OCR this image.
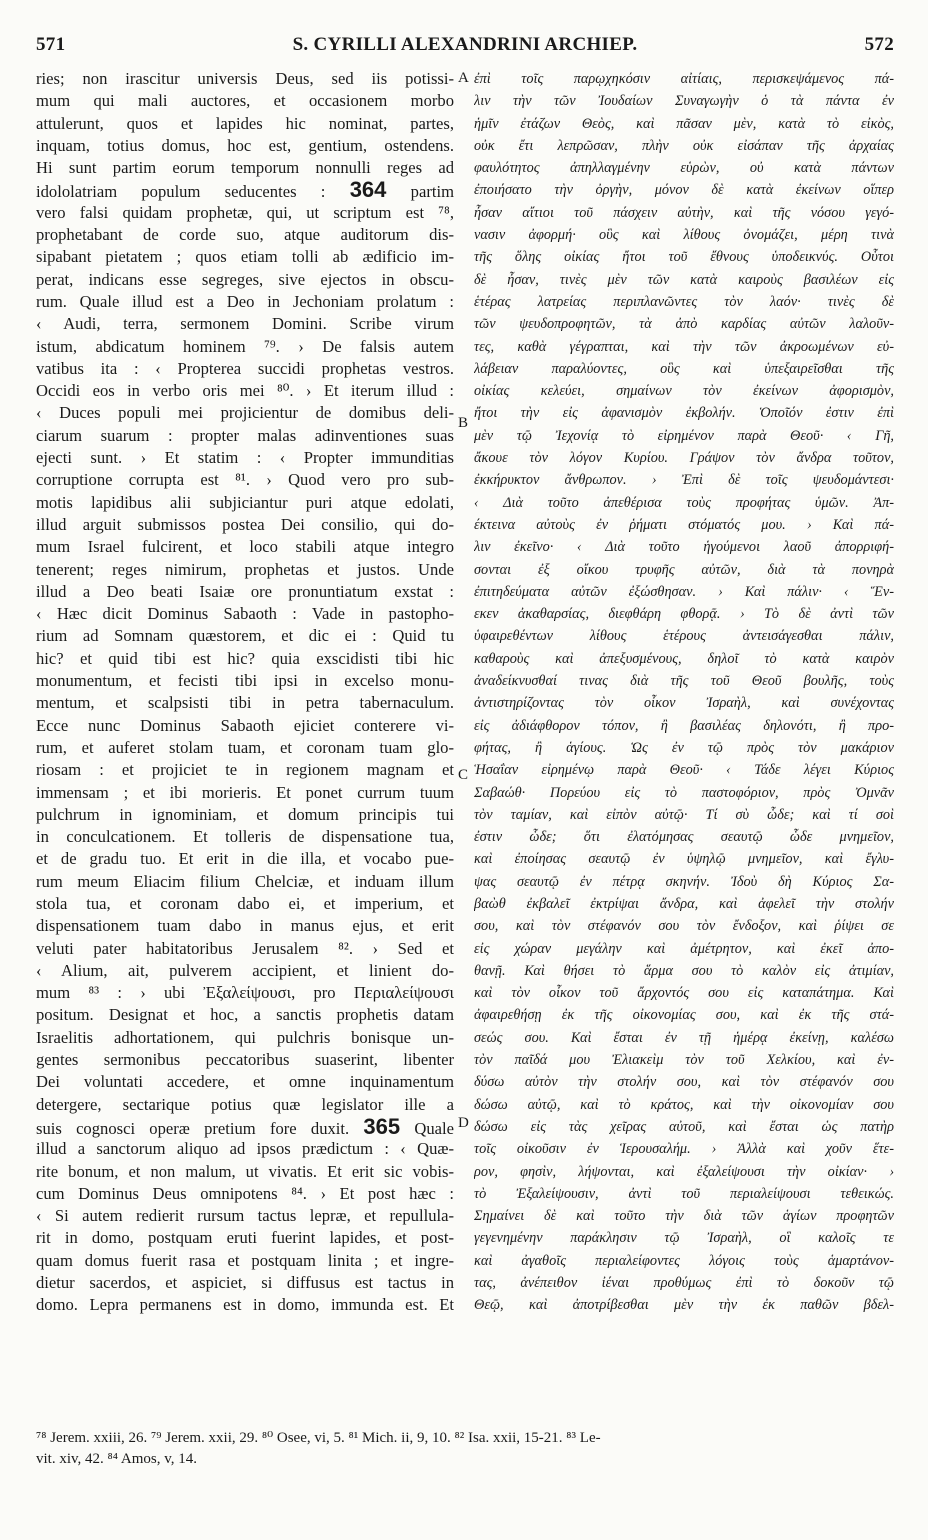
571	S. CYRILLI ALEXANDRINI ARCHIEP.	572
ries; non irascitur universis Deus, sed iis potissi-
mum qui mali auctores, et occasionem morbo
attulerunt, quos et lapides hic nominat, partes,
inquam, totius domus, hoc est, gentium, ostendens.
Hi sunt partim eorum temporum nonnulli reges ad
idololatriam populum seducentes : 364 partim
vero falsi quidam prophetæ, qui, ut scriptum est ⁷⁸,
prophetabant de corde suo, atque auditorum dis-
sipabant pietatem ; quos etiam tolli ab ædificio im-
perat, indicans esse segreges, sive ejectos in obscu-
rum. Quale illud est a Deo in Jechoniam prolatum :
‹ Audi, terra, sermonem Domini. Scribe virum
istum, abdicatum hominem ⁷⁹. › De falsis autem
vatibus ita : ‹ Propterea succidi prophetas vestros.
Occidi eos in verbo oris mei ⁸⁰. › Et iterum illud :
‹ Duces populi mei projicientur de domibus deli-
ciarum suarum : propter malas adinventiones suas
ejecti sunt. › Et statim : ‹ Propter immunditias
corruptione corrupta est ⁸¹. › Quod vero pro sub-
motis lapidibus alii subjiciantur puri atque edolati,
illud arguit submissos postea Dei consilio, qui do-
mum Israel fulcirent, et loco stabili atque integro
tenerent; reges nimirum, prophetas et justos. Unde
illud a Deo beati Isaiæ ore pronuntiatum exstat :
‹ Hæc dicit Dominus Sabaoth : Vade in pastopho-
rium ad Somnam quæstorem, et dic ei : Quid tu
hic? et quid tibi est hic? quia exscidisti tibi hic
monumentum, et fecisti tibi ipsi in excelso monu-
mentum, et scalpsisti tibi in petra tabernaculum.
Ecce nunc Dominus Sabaoth ejiciet conterere vi-
rum, et auferet stolam tuam, et coronam tuam glo-
riosam : et projiciet te in regionem magnam et
immensam ; et ibi morieris. Et ponet currum tuum
pulchrum in ignominiam, et domum principis tui
in conculcationem. Et tolleris de dispensatione tua,
et de gradu tuo. Et erit in die illa, et vocabo pue-
rum meum Eliacim filium Chelciæ, et induam illum
stola tua, et coronam dabo ei, et imperium, et
dispensationem tuam dabo in manus ejus, et erit
veluti pater habitatoribus Jerusalem ⁸². › Sed et
‹ Alium, ait, pulverem accipient, et linient do-
mum ⁸³ : › ubi Ἐξαλείψουσι, pro Περιαλείψουσι
positum. Designat et hoc, a sanctis prophetis datam
Israelitis adhortationem, qui pulchris bonisque un-
gentes sermonibus peccatoribus suaserint, libenter
Dei voluntati accedere, et omne inquinamentum
detergere, sectarique potius quæ legislator ille a
suis cognosci operæ pretium fore duxit. 365 Quale
illud a sanctorum aliquo ad ipsos prædictum : ‹ Quæ-
rite bonum, et non malum, ut vivatis. Et erit sic vobis-
cum Dominus Deus omnipotens ⁸⁴. › Et post hæc :
‹ Si autem redierit rursum tactus lepræ, et repullula-
rit in domo, postquam eruti fuerint lapides, et post-
quam domus fuerit rasa et postquam linita ; et ingre-
dietur sacerdos, et aspiciet, si diffusus est tactus in
domo. Lepra permanens est in domo, immunda est. Et
ἐπὶ τοῖς παρῳχηκόσιν αἰτίαις, περισκεψάμενος πά-
λιν τὴν τῶν Ἰουδαίων Συναγωγὴν ὁ τὰ πάντα ἐν
ἡμῖν ἐτάζων Θεὸς, καὶ πᾶσαν μὲν, κατὰ τὸ εἰκὸς,
οὐκ ἔτι λεπρῶσαν, πλὴν οὐκ εἰσάπαν τῆς ἀρχαίας
φαυλότητος ἀπηλλαγμένην εὑρὼν, οὐ κατὰ πάντων
ἐποιήσατο τὴν ὀργὴν, μόνον δὲ κατὰ ἐκείνων οἵπερ
ἦσαν αἴτιοι τοῦ πάσχειν αὐτὴν, καὶ τῆς νόσου γεγό-
νασιν ἀφορμή· οὓς καὶ λίθους ὀνομάζει, μέρη τινὰ
τῆς ὅλης οἰκίας ἤτοι τοῦ ἔθνους ὑποδεικνύς. Οὗτοι
δὲ ἦσαν, τινὲς μὲν τῶν κατὰ καιροὺς βασιλέων εἰς
ἑτέρας λατρείας περιπλανῶντες τὸν λαόν· τινὲς δὲ
τῶν ψευδοπροφητῶν, τὰ ἀπὸ καρδίας αὐτῶν λαλοῦν-
τες, καθὰ γέγραπται, καὶ τὴν τῶν ἀκροωμένων εὐ-
λάβειαν παραλύοντες, οὓς καὶ ὑπεξαιρεῖσθαι τῆς
οἰκίας κελεύει, σημαίνων τὸν ἐκείνων ἀφορισμὸν,
ἤτοι τὴν εἰς ἀφανισμὸν ἐκβολήν. Ὁποῖόν ἐστιν ἐπὶ
μὲν τῷ Ἰεχονίᾳ τὸ εἰρημένον παρὰ Θεοῦ· ‹ Γῆ,
ἄκουε τὸν λόγον Κυρίου. Γράψον τὸν ἄνδρα τοῦτον,
ἐκκήρυκτον ἄνθρωπον. › Ἐπὶ δὲ τοῖς ψευδομάντεσι·
‹ Διὰ τοῦτο ἀπεθέρισα τοὺς προφήτας ὑμῶν. Ἀπ-
έκτεινα αὐτοὺς ἐν ῥήματι στόματός μου. › Καὶ πά-
λιν ἐκεῖνο· ‹ Διὰ τοῦτο ἡγούμενοι λαοῦ ἀπορριφή-
σονται ἐξ οἴκου τρυφῆς αὐτῶν, διὰ τὰ πονηρὰ
ἐπιτηδεύματα αὐτῶν ἐξώσθησαν. › Καὶ πάλιν· ‹ Ἕν-
εκεν ἀκαθαρσίας, διεφθάρη φθορᾷ. › Τὸ δὲ ἀντὶ τῶν
ὑφαιρεθέντων λίθους ἑτέρους ἀντεισάγεσθαι πάλιν,
καθαροὺς καὶ ἀπεξυσμένους, δηλοῖ τὸ κατὰ καιρὸν
ἀναδείκνυσθαί τινας διὰ τῆς τοῦ Θεοῦ βουλῆς, τοὺς
ἀντιστηρίζοντας τὸν οἶκον Ἰσραὴλ, καὶ συνέχοντας
εἰς ἀδιάφθορον τόπον, ἢ βασιλέας δηλονότι, ἢ προ-
φήτας, ἢ ἁγίους. Ὡς ἐν τῷ πρὸς τὸν μακάριον
Ἡσαΐαν εἰρημένῳ παρὰ Θεοῦ· ‹ Τάδε λέγει Κύριος
Σαβαώθ· Πορεύου εἰς τὸ παστοφόριον, πρὸς Ὀμνᾶν
τὸν ταμίαν, καὶ εἰπὸν αὐτῷ· Τί σὺ ὧδε; καὶ τί σοὶ
ἐστιν ὧδε; ὅτι ἐλατόμησας σεαυτῷ ὧδε μνημεῖον,
καὶ ἐποίησας σεαυτῷ ἐν ὑψηλῷ μνημεῖον, καὶ ἔγλυ-
ψας σεαυτῷ ἐν πέτρᾳ σκηνήν. Ἰδοὺ δὴ Κύριος Σα-
βαὼθ ἐκβαλεῖ ἐκτρίψαι ἄνδρα, καὶ ἀφελεῖ τὴν στολήν
σου, καὶ τὸν στέφανόν σου τὸν ἔνδοξον, καὶ ῥίψει σε
εἰς χώραν μεγάλην καὶ ἀμέτρητον, καὶ ἐκεῖ ἀπο-
θανῇ. Καὶ θήσει τὸ ἅρμα σου τὸ καλὸν εἰς ἀτιμίαν,
καὶ τὸν οἶκον τοῦ ἄρχοντός σου εἰς καταπάτημα. Καὶ
ἀφαιρεθήσῃ ἐκ τῆς οἰκονομίας σου, καὶ ἐκ τῆς στά-
σεώς σου. Καὶ ἔσται ἐν τῇ ἡμέρᾳ ἐκείνῃ, καλέσω
τὸν παῖδά μου Ἐλιακεὶμ τὸν τοῦ Χελκίου, καὶ ἐν-
δύσω αὐτὸν τὴν στολήν σου, καὶ τὸν στέφανόν σου
δώσω αὐτῷ, καὶ τὸ κράτος, καὶ τὴν οἰκονομίαν σου
δώσω εἰς τὰς χεῖρας αὐτοῦ, καὶ ἔσται ὡς πατὴρ
τοῖς οἰκοῦσιν ἐν Ἱερουσαλήμ. › Ἀλλὰ καὶ χοῦν ἕτε-
ρον, φησὶν, λήψονται, καὶ ἐξαλείψουσι τὴν οἰκίαν· ›
τὸ Ἐξαλείψουσιν, ἀντὶ τοῦ περιαλείψουσι τεθεικώς.
Σημαίνει δὲ καὶ τοῦτο τὴν διὰ τῶν ἁγίων προφητῶν
γεγενημένην παράκλησιν τῷ Ἰσραὴλ, οἳ καλοῖς τε
καὶ ἀγαθοῖς περιαλείφοντες λόγοις τοὺς ἁμαρτάνον-
τας, ἀνέπειθον ἰέναι προθύμως ἐπὶ τὸ δοκοῦν τῷ
Θεῷ, καὶ ἀποτρίβεσθαι μὲν τὴν ἐκ παθῶν βδελ-
A
B
C
D
⁷⁸ Jerem. xxiii, 26. ⁷⁹ Jerem. xxii, 29. ⁸⁰ Osee, vi, 5. ⁸¹ Mich. ii, 9, 10. ⁸² Isa. xxii, 15-21. ⁸³ Le-
vit. xiv, 42. ⁸⁴ Amos, v, 14.
